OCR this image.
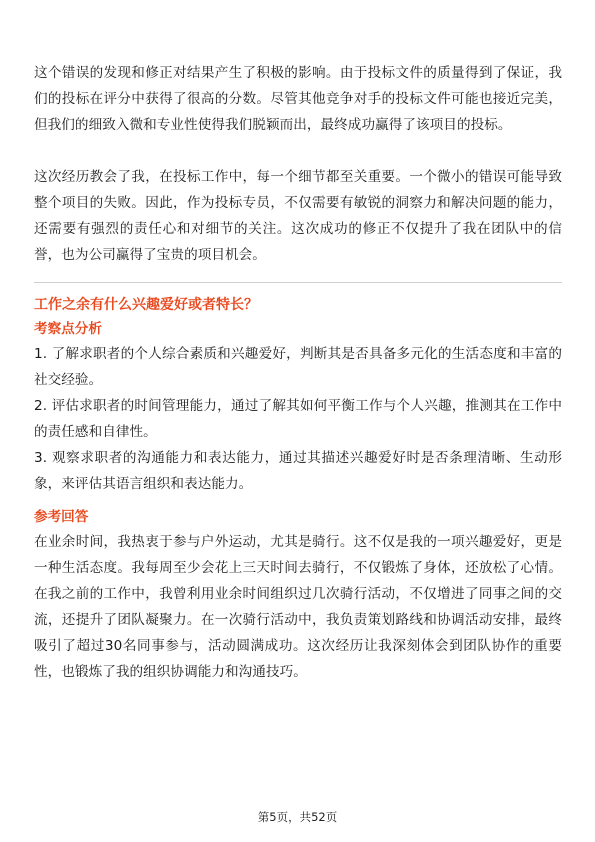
这个错误的发现和修正对结果产生了积极的影响。由于投标文件的质量得到了保证，我们的投标在评分中获得了很高的分数。尽管其他竞争对手的投标文件可能也接近完美，但我们的细致入微和专业性使得我们脱颖而出，最终成功赢得了该项目的投标。

这次经历教会了我，在投标工作中，每一个细节都至关重要。一个微小的错误可能导致整个项目的失败。因此，作为投标专员，不仅需要有敏锐的洞察力和解决问题的能力，还需要有强烈的责任心和对细节的关注。这次成功的修正不仅提升了我在团队中的信誉，也为公司赢得了宝贵的项目机会。

工作之余有什么兴趣爱好或者特长？

考察点分析

1. 了解求职者的个人综合素质和兴趣爱好，判断其是否具备多元化的生活态度和丰富的社交经验。

2. 评估求职者的时间管理能力，通过了解其如何平衡工作与个人兴趣，推测其在工作中的责任感和自律性。

3. 观察求职者的沟通能力和表达能力，通过其描述兴趣爱好时是否条理清晰、生动形象，来评估其语言组织和表达能力。

参考回答

在业余时间，我热衷于参与户外运动，尤其是骑行。这不仅是我的一项兴趣爱好，更是一种生活态度。我每周至少会花上三天时间去骑行，不仅锻炼了身体，还放松了心情。在我之前的工作中，我曾利用业余时间组织过几次骑行活动，不仅增进了同事之间的交流，还提升了团队凝聚力。在一次骑行活动中，我负责策划路线和协调活动安排，最终吸引了超过30名同事参与，活动圆满成功。这次经历让我深刻体会到团队协作的重要性，也锻炼了我的组织协调能力和沟通技巧。

第5页，共52页
